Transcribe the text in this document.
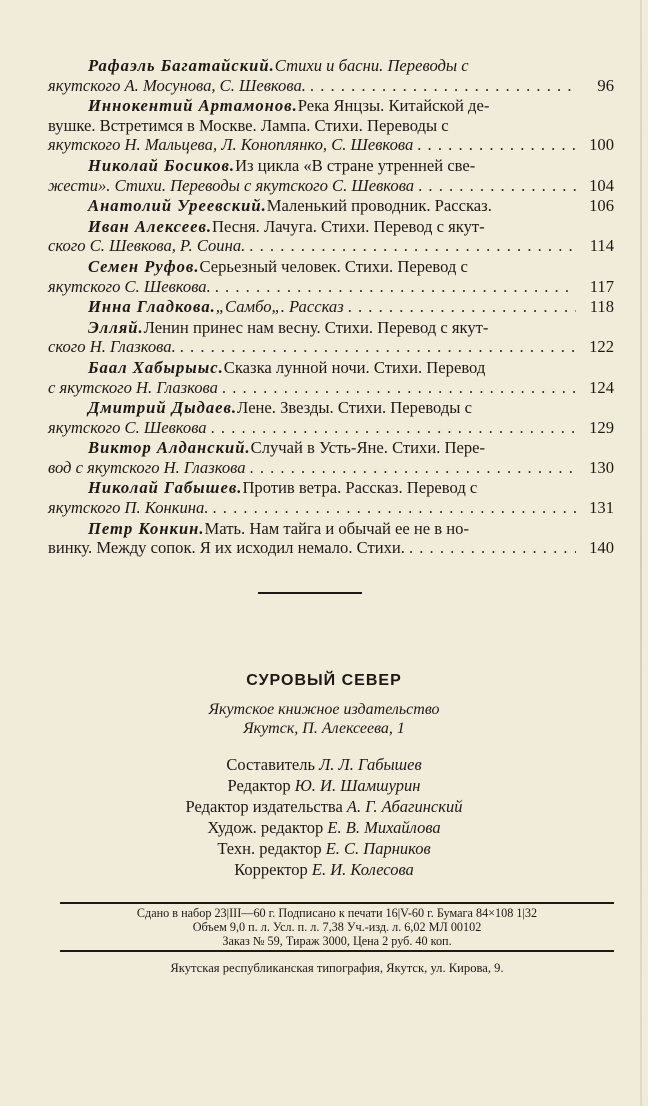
Рафаэль Багатайский. Стихи и басни. Переводы с
якутского А. Мосунова, С. Шевкова. . . .	96
Иннокентий Артамонов. Река Янцзы. Китайской де-
вушке. Встретимся в Москве. Лампа. Стихи. Переводы с
якутского Н. Мальцева, Л. Коноплянко, С. Шевкова . . .	100
Николай Босиков. Из цикла «В стране утренней све-
жести». Стихи. Переводы с якутского С. Шевкова . . .	104
Анатолий Уреевский. Маленький проводник. Рассказ.	106
Иван Алексеев. Песня. Лачуга. Стихи. Перевод с якут-
ского С. Шевкова, Р. Соина. . . .	114
Семен Руфов. Серьезный человек. Стихи. Перевод с
якутского С. Шевкова. . . .	117
Инна Гладкова. „Самбо„. Рассказ . . .	118
Элляй. Ленин принес нам весну. Стихи. Перевод с якут-
ского Н. Глазкова. . . .	122
Баал Хабырыыс. Сказка лунной ночи. Стихи. Перевод
с якутского Н. Глазкова . . .	124
Дмитрий Дыдаев. Лене. Звезды. Стихи. Переводы с
якутского С. Шевкова . . .	129
Виктор Алданский. Случай в Усть-Яне. Стихи. Пере-
вод с якутского Н. Глазкова . . .	130
Николай Габышев. Против ветра. Рассказ. Перевод с
якутского П. Конкина. . . .	131
Петр Конкин. Мать. Нам тайга и обычай ее не в но-
винку. Между сопок. Я их исходил немало. Стихи. . . .	140
СУРОВЫЙ СЕВЕР
Якутское книжное издательство
Якутск, П. Алексеева, 1
Составитель Л. Л. Габышев
Редактор Ю. И. Шамшурин
Редактор издательства А. Г. Абагинский
Худож. редактор Е. В. Михайлова
Техн. редактор Е. С. Парников
Корректор Е. И. Колесова
Сдано в набор 23|III—60 г. Подписано к печати 16|V-60 г. Бумага 84×108 1|32
Объем 9,0 п. л. Усл. п. л. 7,38 Уч.-изд. л. 6,02 МЛ 00102
Заказ № 59, Тираж 3000, Цена 2 руб. 40 коп.
Якутская республиканская типография, Якутск, ул. Кирова, 9.
